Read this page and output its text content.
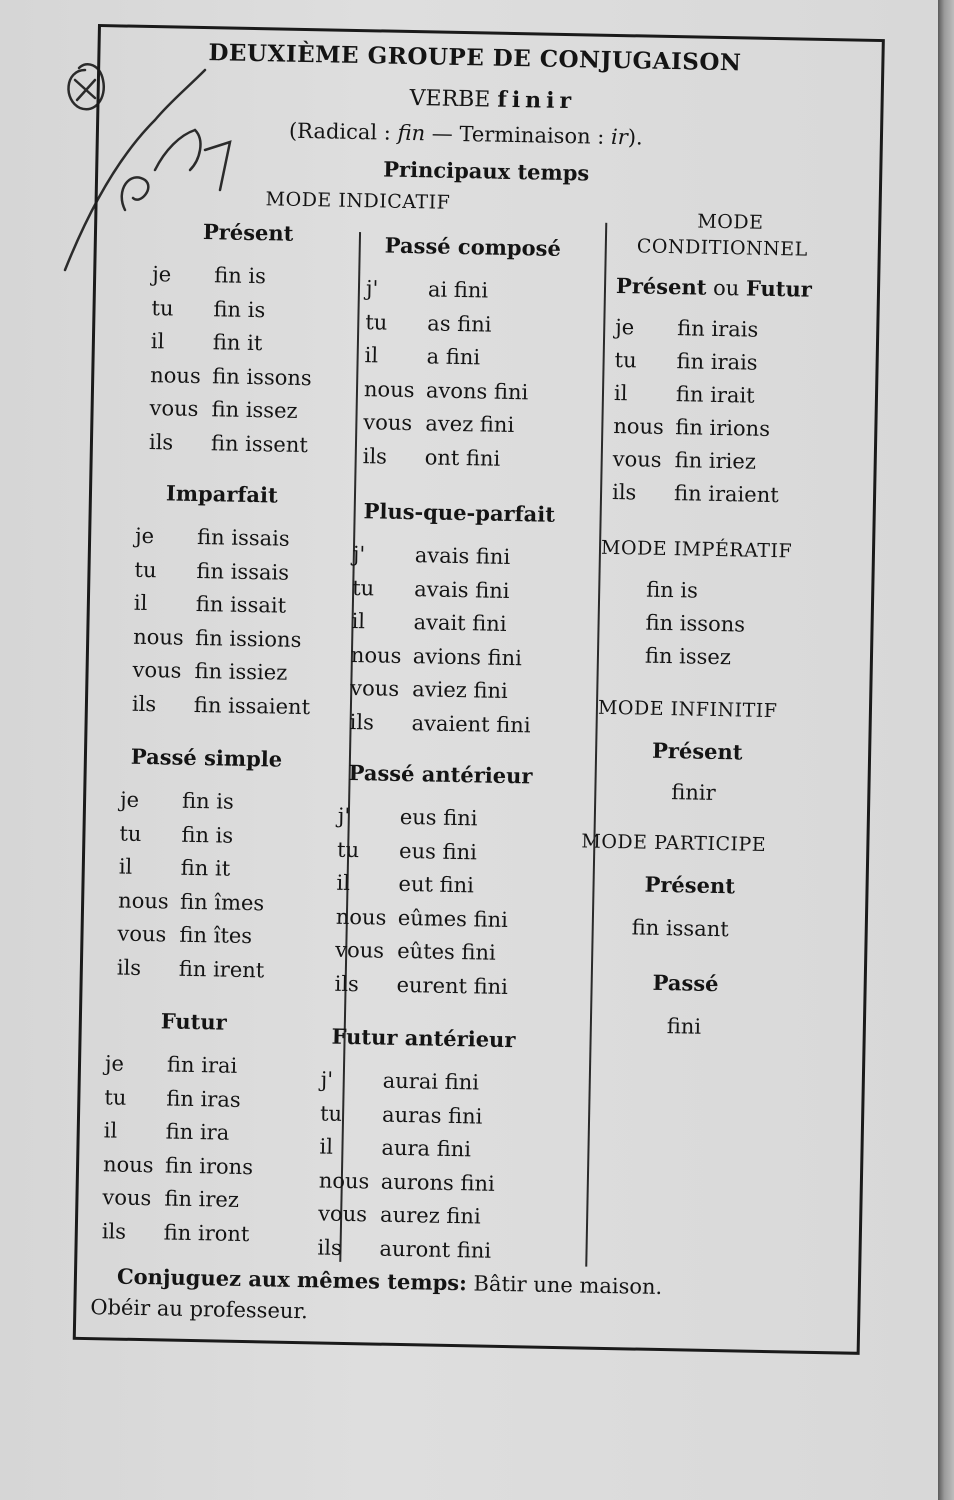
DEUXIÈME GROUPE DE CONJUGAISON
VERBE finir
(Radical : fin — Terminaison : ir).
Principaux temps
MODE INDICATIF
MODE
CONDITIONNEL
Présent ou Futur
MODE IMPÉRATIF
MODE INFINITIF
Présent
finir
MODE PARTICIPE
Présent
fin issant
Passé
fini
Conjuguez aux mêmes temps: Bâtir une maison.
Obéir au professeur.
Présent
je fin is
tu fin is
il fin it
nous fin issons
vous fin issez
ils fin issent
Passé composé
j' ai fini
tu as fini
il a fini
nous avons fini
vous avez fini
ils ont fini
Imparfait
je fin issais
tu fin issais
il fin issait
nous fin issions
vous fin issiez
ils fin issaient
Plus-que-parfait
j' avais fini
tu avais fini
il avait fini
nous avions fini
vous aviez fini
ils avaient fini
Passé simple
je fin is
tu fin is
il fin it
nous fin îmes
vous fin îtes
ils fin irent
Passé antérieur
j' eus fini
tu eus fini
il eut fini
nous eûmes fini
vous eûtes fini
ils eurent fini
Futur
je fin irai
tu fin iras
il fin ira
nous fin irons
vous fin irez
ils fin iront
Futur antérieur
j' aurai fini
tu auras fini
il aura fini
nous aurons fini
vous aurez fini
ils auront fini
je fin irais
tu fin irais
il fin irait
nous fin irions
vous fin iriez
ils fin iraient
fin is
fin issons
fin issez
